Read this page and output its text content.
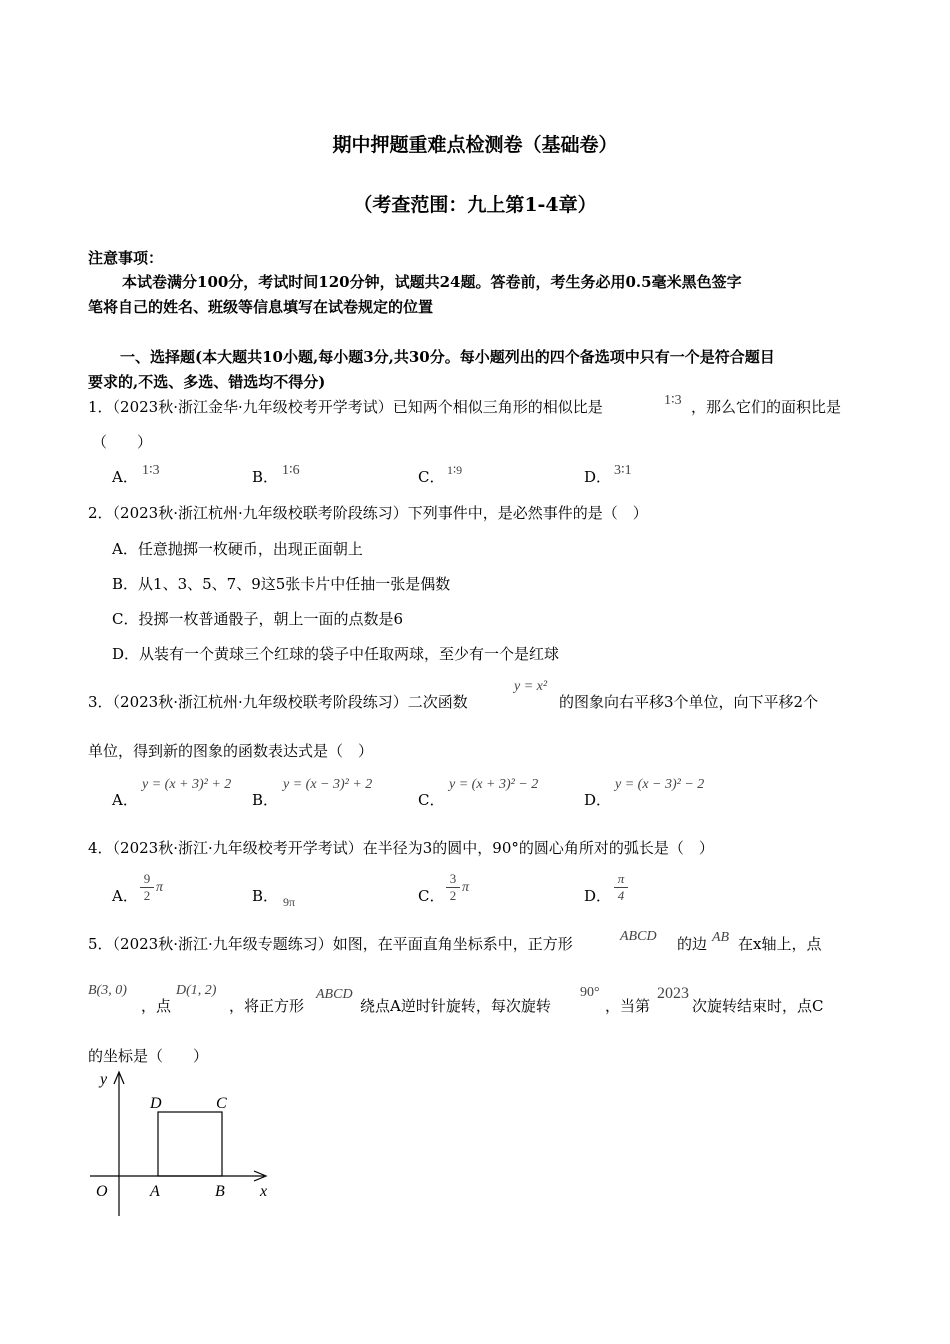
期中押题重难点检测卷（基础卷）
（考查范围：九上第1-4章）
注意事项：
本试卷满分100分，考试时间120分钟，试题共24题。答卷前，考生务必用0.5毫米黑色签字
笔将自己的姓名、班级等信息填写在试卷规定的位置
一、选择题(本大题共10小题,每小题3分,共30分。每小题列出的四个备选项中只有一个是符合题目
要求的,不选、多选、错选均不得分)
1．（2023秋·浙江金华·九年级校考开学考试）已知两个相似三角形的相似比是	1∶3 ，那么它们的面积比是
（　　）
A． 1∶3	B． 1∶6	C． 1∶9	D． 3∶1
2．（2023秋·浙江杭州·九年级校联考阶段练习）下列事件中，是必然事件的是（　）
A．任意抛掷一枚硬币，出现正面朝上
B．从1、3、5、7、9这5张卡片中任抽一张是偶数
C．投掷一枚普通骰子，朝上一面的点数是6
D．从装有一个黄球三个红球的袋子中任取两球，至少有一个是红球
3．（2023秋·浙江杭州·九年级校联考阶段练习）二次函数
y = x²
的图象向右平移3个单位，向下平移2个
单位，得到新的图象的函数表达式是（　）
A．
y = (x + 3)² + 2
B．
y = (x − 3)² + 2
C．
y = (x + 3)² − 2
D．
y = (x − 3)² − 2
4．（2023秋·浙江·九年级校考开学考试）在半径为3的圆中，90°的圆心角所对的弧长是（　）
A．
9
2
π	B． 9π	C．
3
2
π	D．
π
4
5．（2023秋·浙江·九年级专题练习）如图，在平面直角坐标系中，正方形	ABCD 的边 AB 在x轴上，点
B(3, 0)
，点
D(1, 2)
，将正方形
ABCD
绕点A逆时针旋转，每次旋转
90°
，当第
2023
次旋转结束时，点C
的坐标是（　　）
y
x
O	A	B
D	C
